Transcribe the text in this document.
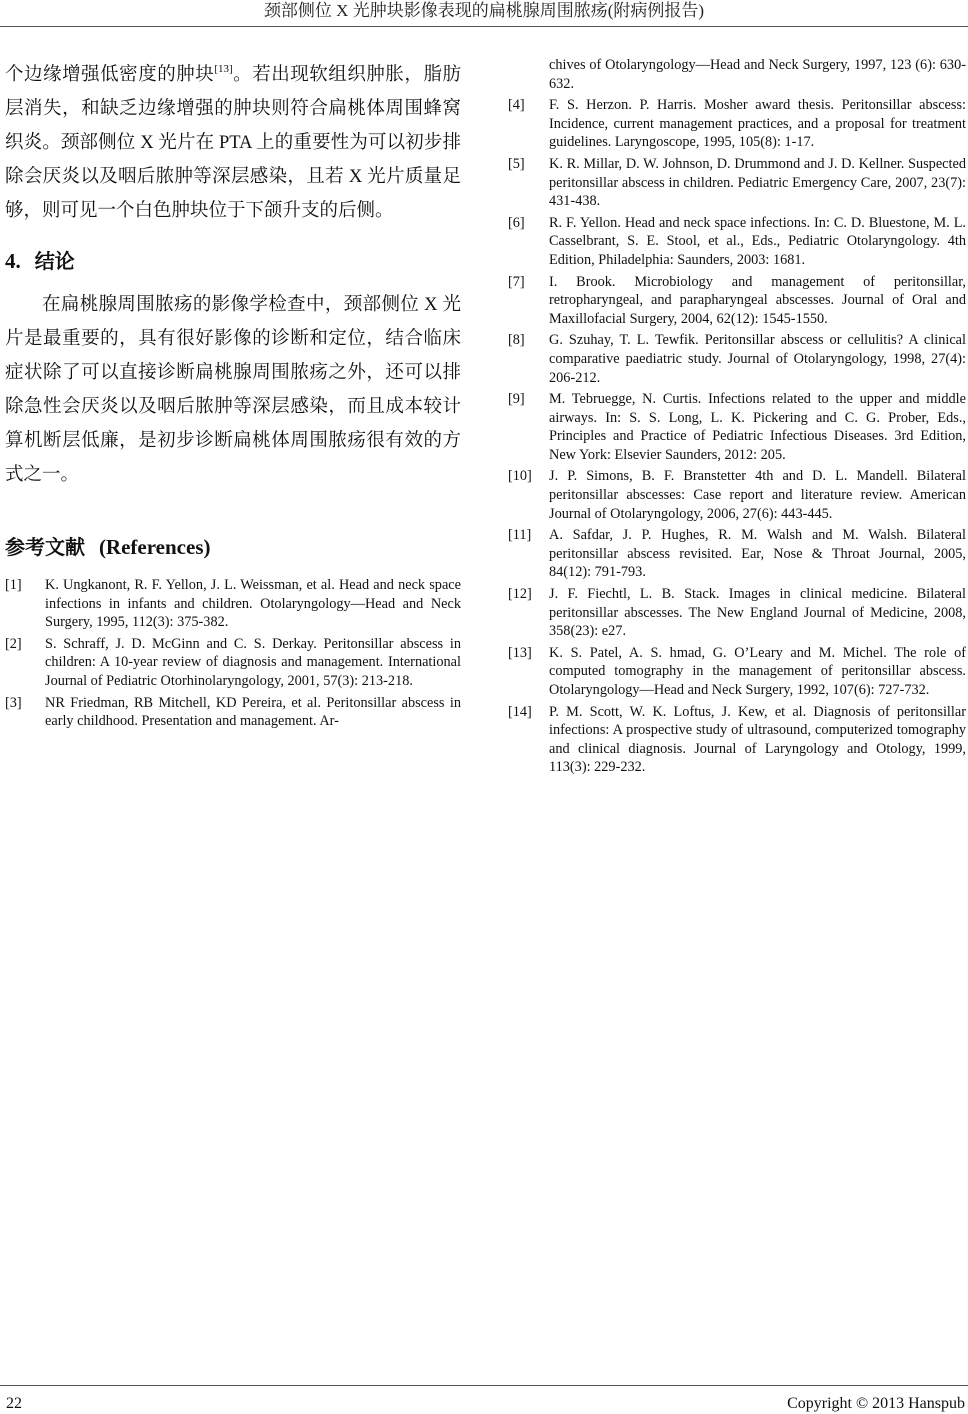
颈部侧位 X 光肿块影像表现的扁桃腺周围脓疡(附病例报告)

个边缘增强低密度的肿块[13]。若出现软组织肿胀，脂肪层消失，和缺乏边缘增强的肿块则符合扁桃体周围蜂窝织炎。颈部侧位 X 光片在 PTA 上的重要性为可以初步排除会厌炎以及咽后脓肿等深层感染，且若 X 光片质量足够，则可见一个白色肿块位于下颌升支的后侧。

4. 结论

在扁桃腺周围脓疡的影像学检查中，颈部侧位 X 光片是最重要的，具有很好影像的诊断和定位，结合临床症状除了可以直接诊断扁桃腺周围脓疡之外，还可以排除急性会厌炎以及咽后脓肿等深层感染，而且成本较计算机断层低廉，是初步诊断扁桃体周围脓疡很有效的方式之一。

参考文献 (References)
[1]	K. Ungkanont, R. F. Yellon, J. L. Weissman, et al. Head and neck space infections in infants and children. Otolaryngology—Head and Neck Surgery, 1995, 112(3): 375-382.
[2]	S. Schraff, J. D. McGinn and C. S. Derkay. Peritonsillar abscess in children: A 10-year review of diagnosis and management. International Journal of Pediatric Otorhinolaryngology, 2001, 57(3): 213-218.
[3]	NR Friedman, RB Mitchell, KD Pereira, et al. Peritonsillar abscess in early childhood. Presentation and management. Ar-

chives of Otolaryngology—Head and Neck Surgery, 1997, 123 (6): 630-632.

[4]	F. S. Herzon. P. Harris. Mosher award thesis. Peritonsillar abscess: Incidence, current management practices, and a proposal for treatment guidelines. Laryngoscope, 1995, 105(8): 1-17.
[5]	K. R. Millar, D. W. Johnson, D. Drummond and J. D. Kellner. Suspected peritonsillar abscess in children. Pediatric Emergency Care, 2007, 23(7): 431-438.
[6]	R. F. Yellon. Head and neck space infections. In: C. D. Bluestone, M. L. Casselbrant, S. E. Stool, et al., Eds., Pediatric Otolaryngology. 4th Edition, Philadelphia: Saunders, 2003: 1681.
[7]	I. Brook. Microbiology and management of peritonsillar, retropharyngeal, and parapharyngeal abscesses. Journal of Oral and Maxillofacial Surgery, 2004, 62(12): 1545-1550.
[8]	G. Szuhay, T. L. Tewfik. Peritonsillar abscess or cellulitis? A clinical comparative paediatric study. Journal of Otolaryngology, 1998, 27(4): 206-212.
[9]	M. Tebruegge, N. Curtis. Infections related to the upper and middle airways. In: S. S. Long, L. K. Pickering and C. G. Prober, Eds., Principles and Practice of Pediatric Infectious Diseases. 3rd Edition, New York: Elsevier Saunders, 2012: 205.
[10]	J. P. Simons, B. F. Branstetter 4th and D. L. Mandell. Bilateral peritonsillar abscesses: Case report and literature review. American Journal of Otolaryngology, 2006, 27(6): 443-445.
[11]	A. Safdar, J. P. Hughes, R. M. Walsh and M. Walsh. Bilateral peritonsillar abscess revisited. Ear, Nose & Throat Journal, 2005, 84(12): 791-793.
[12]	J. F. Fiechtl, L. B. Stack. Images in clinical medicine. Bilateral peritonsillar abscesses. The New England Journal of Medicine, 2008, 358(23): e27.
[13]	K. S. Patel, A. S. hmad, G. O’Leary and M. Michel. The role of computed tomography in the management of peritonsillar abscess. Otolaryngology—Head and Neck Surgery, 1992, 107(6): 727-732.
[14]	P. M. Scott, W. K. Loftus, J. Kew, et al. Diagnosis of peritonsillar infections: A prospective study of ultrasound, computerized tomography and clinical diagnosis. Journal of Laryngology and Otology, 1999, 113(3): 229-232.
22	Copyright © 2013 Hanspub
